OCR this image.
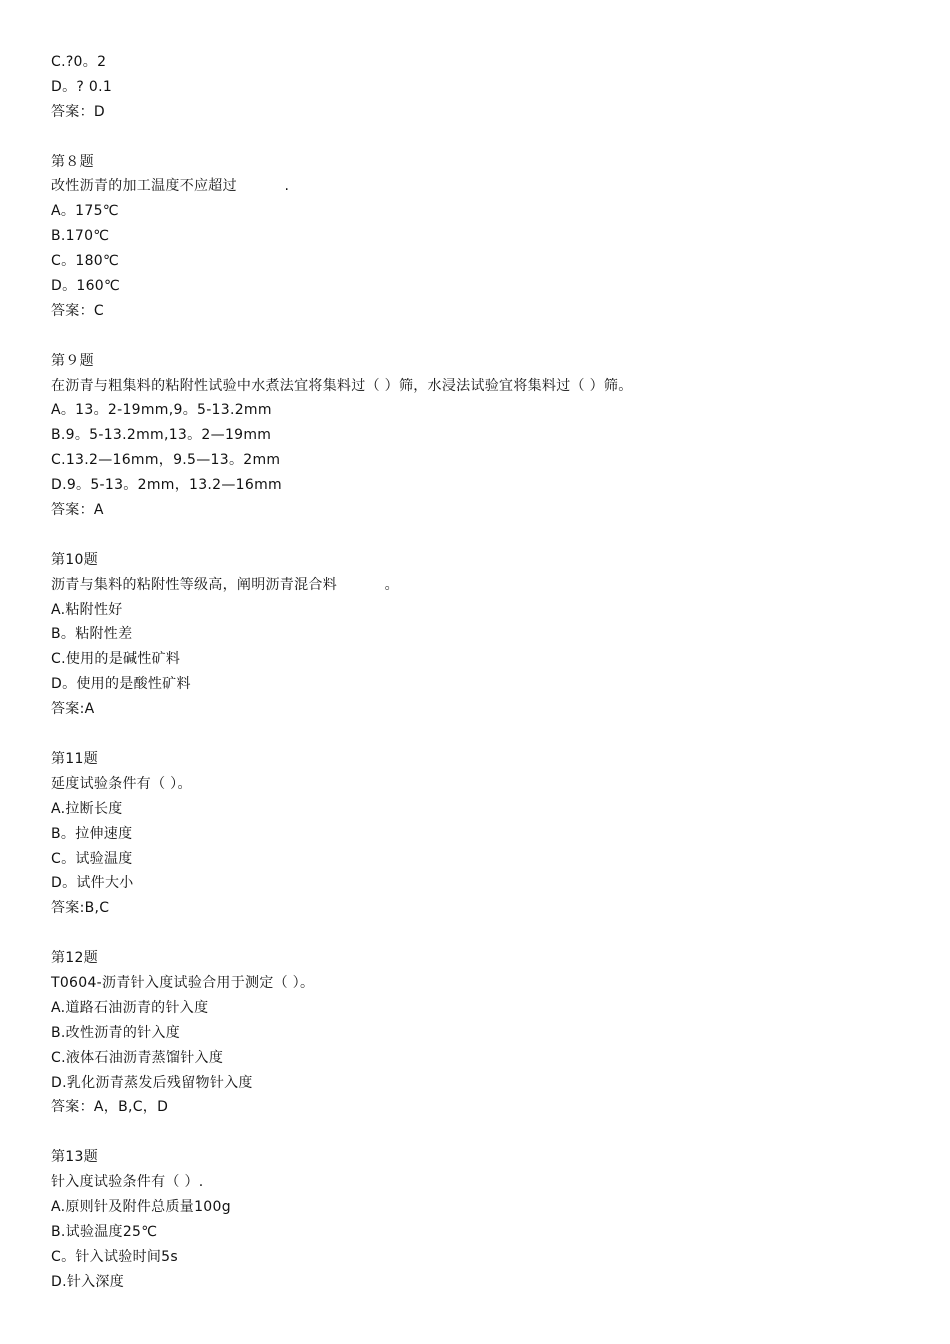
C.?0。2
D。? 0.1
答案：D
第８题
改性沥青的加工温度不应超过 　　　.
A。175℃
B.170℃
C。180℃
D。160℃
答案：C
第９题
在沥青与粗集料的粘附性试验中水煮法宜将集料过（ ）筛，水浸法试验宜将集料过（ ）筛。
A。13。2-19mm,9。5-13.2mm
B.9。5-13.2mm,13。2—19mm
C.13.2—16mm，9.5—13。2mm
D.9。5-13。2mm，13.2—16mm
答案：A
第10题
沥青与集料的粘附性等级高，阐明沥青混合料 　　　。
A.粘附性好
B。粘附性差
C.使用的是碱性矿料
D。使用的是酸性矿料
答案:A
第11题
延度试验条件有（ ）。
A.拉断长度
B。拉伸速度
C。试验温度
D。试件大小
答案:B,C
第12题
T0604-沥青针入度试验合用于测定（ ）。
A.道路石油沥青的针入度
B.改性沥青的针入度
C.液体石油沥青蒸馏针入度
D.乳化沥青蒸发后残留物针入度
答案：A，B,C，D
第13题
针入度试验条件有（ ）.
A.原则针及附件总质量100g
B.试验温度25℃
C。针入试验时间5s
D.针入深度
